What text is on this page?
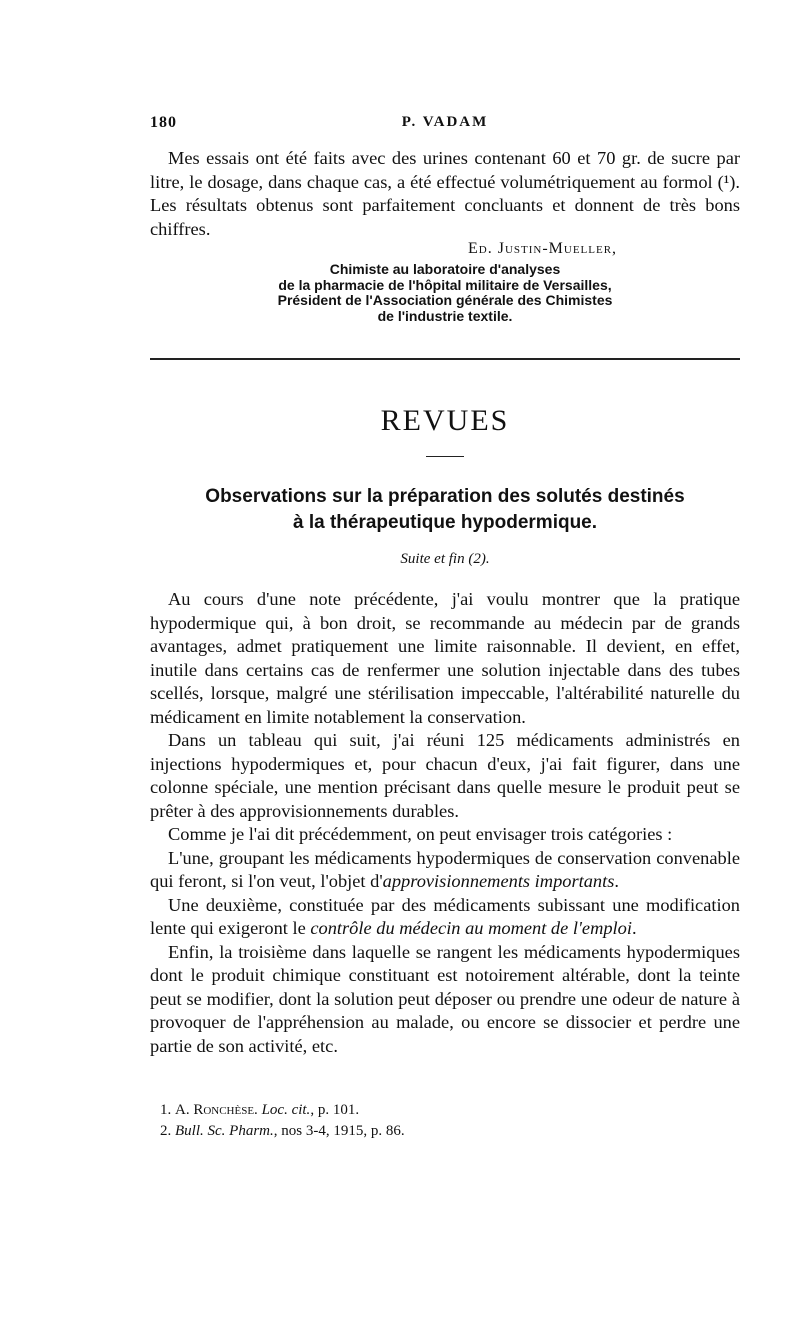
180	P. VADAM

Mes essais ont été faits avec des urines contenant 60 et 70 gr. de sucre par litre, le dosage, dans chaque cas, a été effectué volumétriquement au formol (¹). Les résultats obtenus sont parfaitement concluants et donnent de très bons chiffres.

Ed. Justin-Mueller,
Chimiste au laboratoire d'analyses
de la pharmacie de l'hôpital militaire de Versailles,
Président de l'Association générale des Chimistes
de l'industrie textile.
REVUES
Observations sur la préparation des solutés destinés
à la thérapeutique hypodermique.
Suite et fin (2).

Au cours d'une note précédente, j'ai voulu montrer que la pratique hypodermique qui, à bon droit, se recommande au médecin par de grands avantages, admet pratiquement une limite raisonnable. Il devient, en effet, inutile dans certains cas de renfermer une solution injectable dans des tubes scellés, lorsque, malgré une stérilisation impeccable, l'altérabilité naturelle du médicament en limite notablement la conservation.

Dans un tableau qui suit, j'ai réuni 125 médicaments administrés en injections hypodermiques et, pour chacun d'eux, j'ai fait figurer, dans une colonne spéciale, une mention précisant dans quelle mesure le produit peut se prêter à des approvisionnements durables.

Comme je l'ai dit précédemment, on peut envisager trois catégories :

L'une, groupant les médicaments hypodermiques de conservation convenable qui feront, si l'on veut, l'objet d'approvisionnements importants.

Une deuxième, constituée par des médicaments subissant une modification lente qui exigeront le contrôle du médecin au moment de l'emploi.

Enfin, la troisième dans laquelle se rangent les médicaments hypodermiques dont le produit chimique constituant est notoirement altérable, dont la teinte peut se modifier, dont la solution peut déposer ou prendre une odeur de nature à provoquer de l'appréhension au malade, ou encore se dissocier et perdre une partie de son activité, etc.

1. A. Ronchèse. Loc. cit., p. 101.
2. Bull. Sc. Pharm., nos 3-4, 1915, p. 86.
